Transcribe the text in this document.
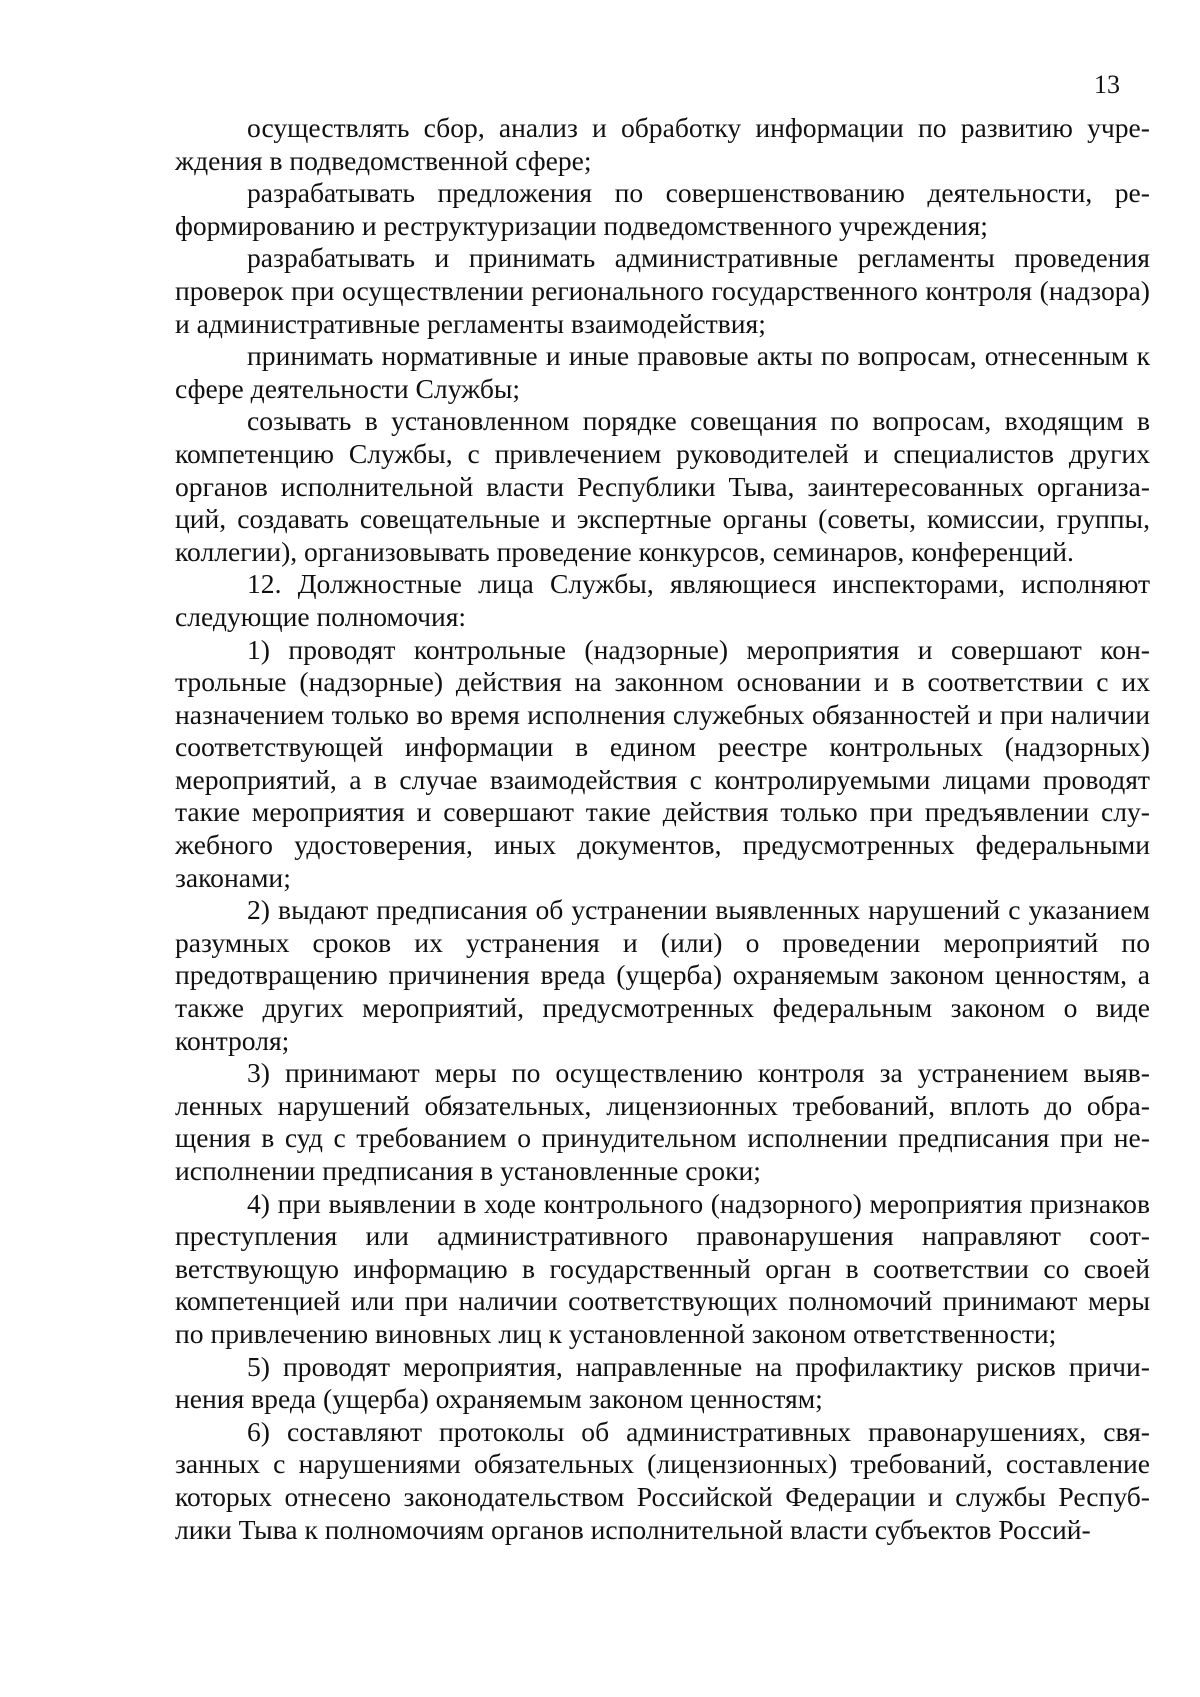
13

осуществлять сбор, анализ и обработку информации по развитию учреждения в подведомственной сфере;

разрабатывать предложения по совершенствованию деятельности, реформированию и реструктуризации подведомственного учреждения;

разрабатывать и принимать административные регламенты проведения проверок при осуществлении регионального государственного контроля (надзора) и административные регламенты взаимодействия;

принимать нормативные и иные правовые акты по вопросам, отнесенным к сфере деятельности Службы;

созывать в установленном порядке совещания по вопросам, входящим в компетенцию Службы, с привлечением руководителей и специалистов других органов исполнительной власти Республики Тыва, заинтересованных организаций, создавать совещательные и экспертные органы (советы, комиссии, группы, коллегии), организовывать проведение конкурсов, семинаров, конференций.

12. Должностные лица Службы, являющиеся инспекторами, исполняют следующие полномочия:

1) проводят контрольные (надзорные) мероприятия и совершают контрольные (надзорные) действия на законном основании и в соответствии с их назначением только во время исполнения служебных обязанностей и при наличии соответствующей информации в едином реестре контрольных (надзорных) мероприятий, а в случае взаимодействия с контролируемыми лицами проводят такие мероприятия и совершают такие действия только при предъявлении служебного удостоверения, иных документов, предусмотренных федеральными законами;

2) выдают предписания об устранении выявленных нарушений с указанием разумных сроков их устранения и (или) о проведении мероприятий по предотвращению причинения вреда (ущерба) охраняемым законом ценностям, а также других мероприятий, предусмотренных федеральным законом о виде контроля;

3) принимают меры по осуществлению контроля за устранением выявленных нарушений обязательных, лицензионных требований, вплоть до обращения в суд с требованием о принудительном исполнении предписания при неисполнении предписания в установленные сроки;

4) при выявлении в ходе контрольного (надзорного) мероприятия признаков преступления или административного правонарушения направляют соответствующую информацию в государственный орган в соответствии со своей компетенцией или при наличии соответствующих полномочий принимают меры по привлечению виновных лиц к установленной законом ответственности;

5) проводят мероприятия, направленные на профилактику рисков причинения вреда (ущерба) охраняемым законом ценностям;

6) составляют протоколы об административных правонарушениях, связанных с нарушениями обязательных (лицензионных) требований, составление которых отнесено законодательством Российской Федерации и службы Республики Тыва к полномочиям органов исполнительной власти субъектов Россий-
